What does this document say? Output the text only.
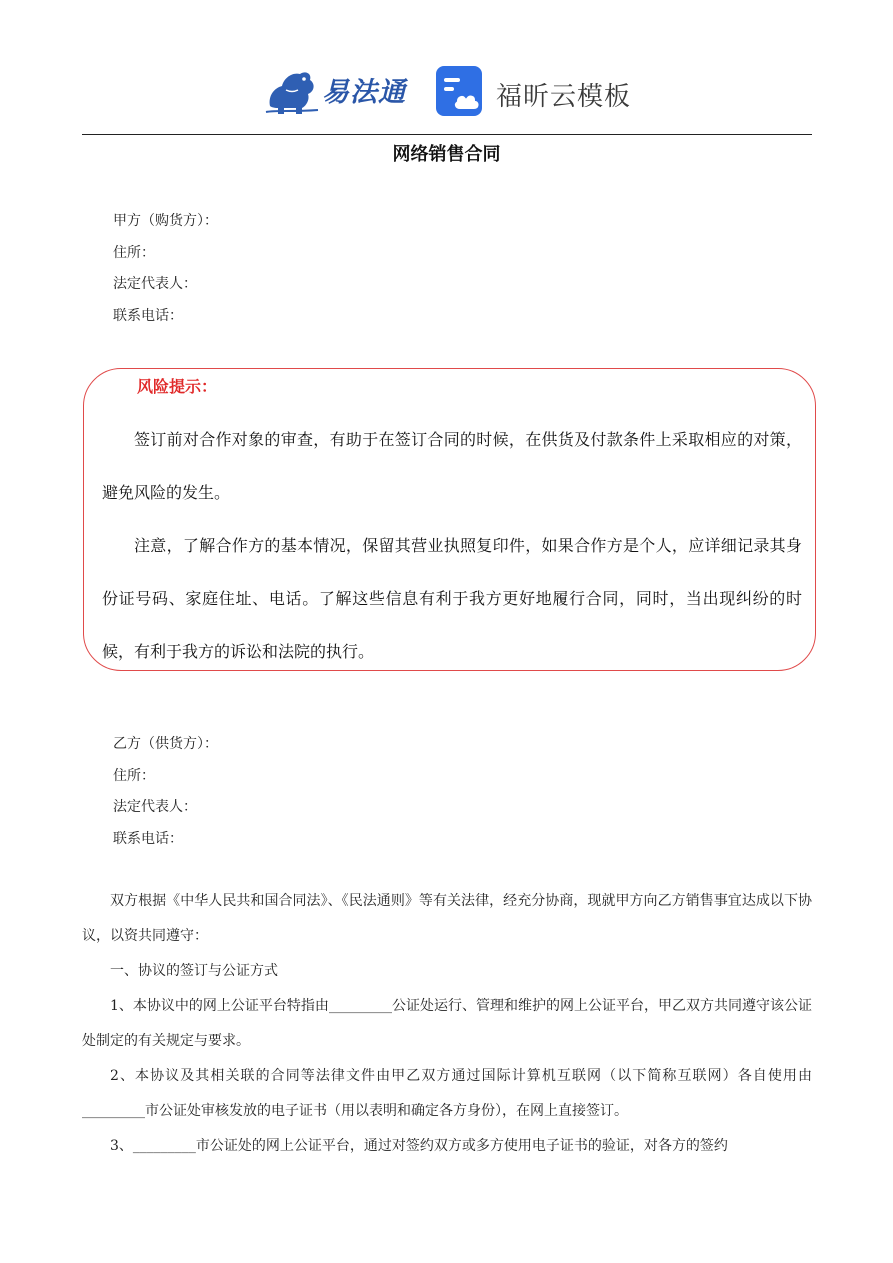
易法通	福昕云模板
网络销售合同
甲方（购货方）：
住所：
法定代表人：
联系电话：
风险提示：

签订前对合作对象的审查，有助于在签订合同的时候，在供货及付款条件上采取相应的对策，避免风险的发生。

注意，了解合作方的基本情况，保留其营业执照复印件，如果合作方是个人，应详细记录其身份证号码、家庭住址、电话。了解这些信息有利于我方更好地履行合同，同时，当出现纠纷的时候，有利于我方的诉讼和法院的执行。

乙方（供货方）：
住所：
法定代表人：
联系电话：

双方根据《中华人民共和国合同法》、《民法通则》等有关法律，经充分协商，现就甲方向乙方销售事宜达成以下协议，以资共同遵守：

一、协议的签订与公证方式

1、本协议中的网上公证平台特指由_________公证处运行、管理和维护的网上公证平台，甲乙双方共同遵守该公证处制定的有关规定与要求。

2、本协议及其相关联的合同等法律文件由甲乙双方通过国际计算机互联网（以下简称互联网）各自使用由_________市公证处审核发放的电子证书（用以表明和确定各方身份），在网上直接签订。

3、_________市公证处的网上公证平台，通过对签约双方或多方使用电子证书的验证，对各方的签约
